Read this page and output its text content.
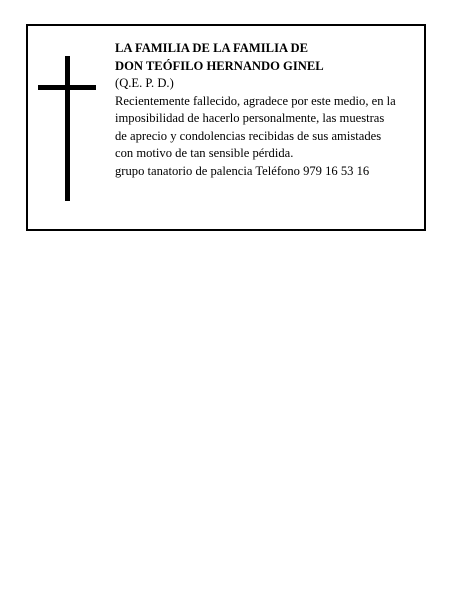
LA FAMILIA DE LA FAMILIA DE
DON TEÓFILO HERNANDO GINEL
(Q.E. P. D.)
Recientemente fallecido, agradece por este medio, en la
imposibilidad de hacerlo personalmente, las muestras
de aprecio y condolencias recibidas de sus amistades
con motivo de tan sensible pérdida.
grupo tanatorio de palencia Teléfono 979 16 53 16
